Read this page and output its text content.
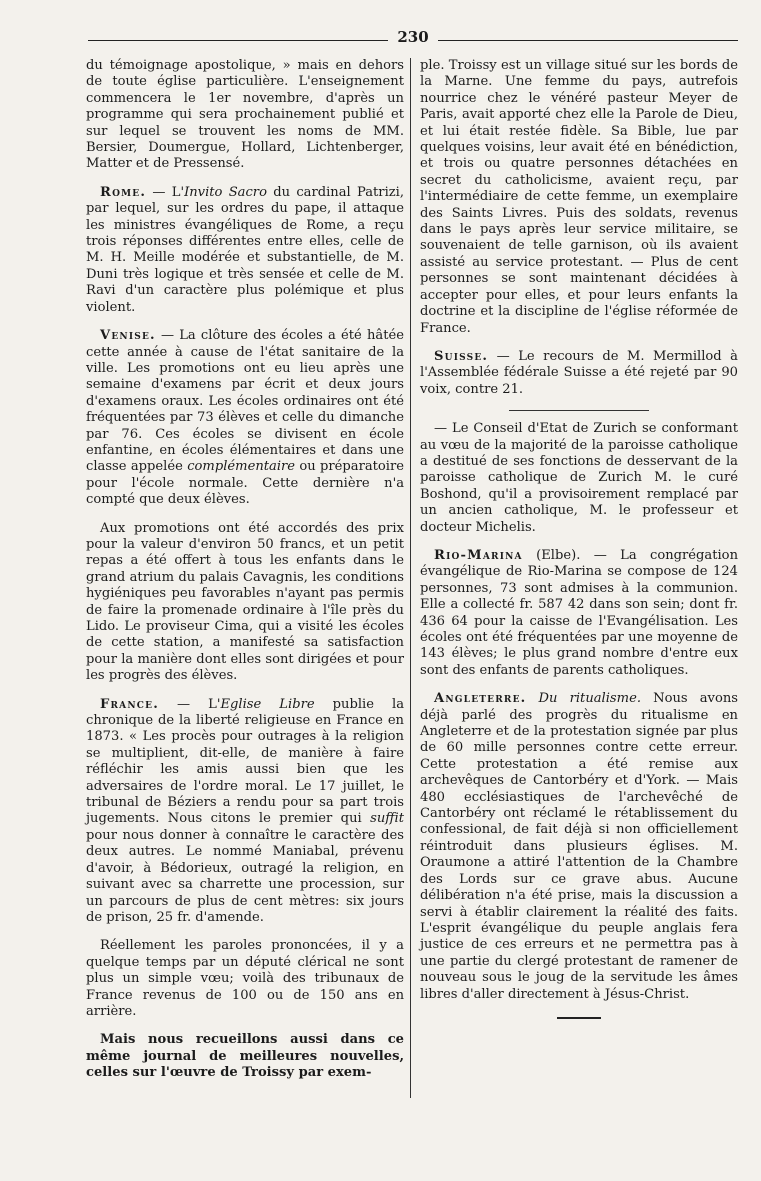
230

du témoignage apostolique, » mais en dehors de toute église particulière. L'enseignement commencera le 1er novembre, d'après un programme qui sera prochainement publié et sur lequel se trouvent les noms de MM. Bersier, Doumergue, Hollard, Lichtenberger, Matter et de Pressensé.

Rome. — L'Invito Sacro du cardinal Patrizi, par lequel, sur les ordres du pape, il attaque les ministres évangéliques de Rome, a reçu trois réponses différentes entre elles, celle de M. H. Meille modérée et substantielle, de M. Duni très logique et très sensée et celle de M. Ravi d'un caractère plus polémique et plus violent.

Venise. — La clôture des écoles a été hâtée cette année à cause de l'état sanitaire de la ville. Les promotions ont eu lieu après une semaine d'examens par écrit et deux jours d'examens oraux. Les écoles ordinaires ont été fréquentées par 73 élèves et celle du dimanche par 76. Ces écoles se divisent en école enfantine, en écoles élémentaires et dans une classe appelée complémentaire ou préparatoire pour l'école normale. Cette dernière n'a compté que deux élèves.

Aux promotions ont été accordés des prix pour la valeur d'environ 50 francs, et un petit repas a été offert à tous les enfants dans le grand atrium du palais Cavagnis, les conditions hygiéniques peu favorables n'ayant pas permis de faire la promenade ordinaire à l'île près du Lido. Le proviseur Cima, qui a visité les écoles de cette station, a manifesté sa satisfaction pour la manière dont elles sont dirigées et pour les progrès des élèves.

France. — L'Eglise Libre publie la chronique de la liberté religieuse en France en 1873. « Les procès pour outrages à la religion se multiplient, dit-elle, de manière à faire réfléchir les amis aussi bien que les adversaires de l'ordre moral. Le 17 juillet, le tribunal de Béziers a rendu pour sa part trois jugements. Nous citons le premier qui suffit pour nous donner à connaître le caractère des deux autres. Le nommé Maniabal, prévenu d'avoir, à Bédorieux, outragé la religion, en suivant avec sa charrette une procession, sur un parcours de plus de cent mètres: six jours de prison, 25 fr. d'amende.

Réellement les paroles prononcées, il y a quelque temps par un député clérical ne sont plus un simple vœu; voilà des tribunaux de France revenus de 100 ou de 150 ans en arrière.

Mais nous recueillons aussi dans ce même journal de meilleures nouvelles, celles sur l'œuvre de Troissy par exem-

ple. Troissy est un village situé sur les bords de la Marne. Une femme du pays, autrefois nourrice chez le vénéré pasteur Meyer de Paris, avait apporté chez elle la Parole de Dieu, et lui était restée fidèle. Sa Bible, lue par quelques voisins, leur avait été en bénédiction, et trois ou quatre personnes détachées en secret du catholicisme, avaient reçu, par l'intermédiaire de cette femme, un exemplaire des Saints Livres. Puis des soldats, revenus dans le pays après leur service militaire, se souvenaient de telle garnison, où ils avaient assisté au service protestant. — Plus de cent personnes se sont maintenant décidées à accepter pour elles, et pour leurs enfants la doctrine et la discipline de l'église réformée de France.

Suisse. — Le recours de M. Mermillod à l'Assemblée fédérale Suisse a été rejeté par 90 voix, contre 21.

— Le Conseil d'Etat de Zurich se conformant au vœu de la majorité de la paroisse catholique a destitué de ses fonctions de desservant de la paroisse catholique de Zurich M. le curé Boshond, qu'il a provisoirement remplacé par un ancien catholique, M. le professeur et docteur Michelis.

Rio-Marina (Elbe). — La congrégation évangélique de Rio-Marina se compose de 124 personnes, 73 sont admises à la communion. Elle a collecté fr. 587 42 dans son sein; dont fr. 436 64 pour la caisse de l'Evangélisation. Les écoles ont été fréquentées par une moyenne de 143 élèves; le plus grand nombre d'entre eux sont des enfants de parents catholiques.

Angleterre. Du ritualisme. Nous avons déjà parlé des progrès du ritualisme en Angleterre et de la protestation signée par plus de 60 mille personnes contre cette erreur. Cette protestation a été remise aux archevêques de Cantorbéry et d'York. — Mais 480 ecclésiastiques de l'archevêché de Cantorbéry ont réclamé le rétablissement du confessional, de fait déjà si non officiellement réintroduit dans plusieurs églises. M. Oraumone a attiré l'attention de la Chambre des Lords sur ce grave abus. Aucune délibération n'a été prise, mais la discussion a servi à établir clairement la réalité des faits. L'esprit évangélique du peuple anglais fera justice de ces erreurs et ne permettra pas à une partie du clergé protestant de ramener de nouveau sous le joug de la servitude les âmes libres d'aller directement à Jésus-Christ.
